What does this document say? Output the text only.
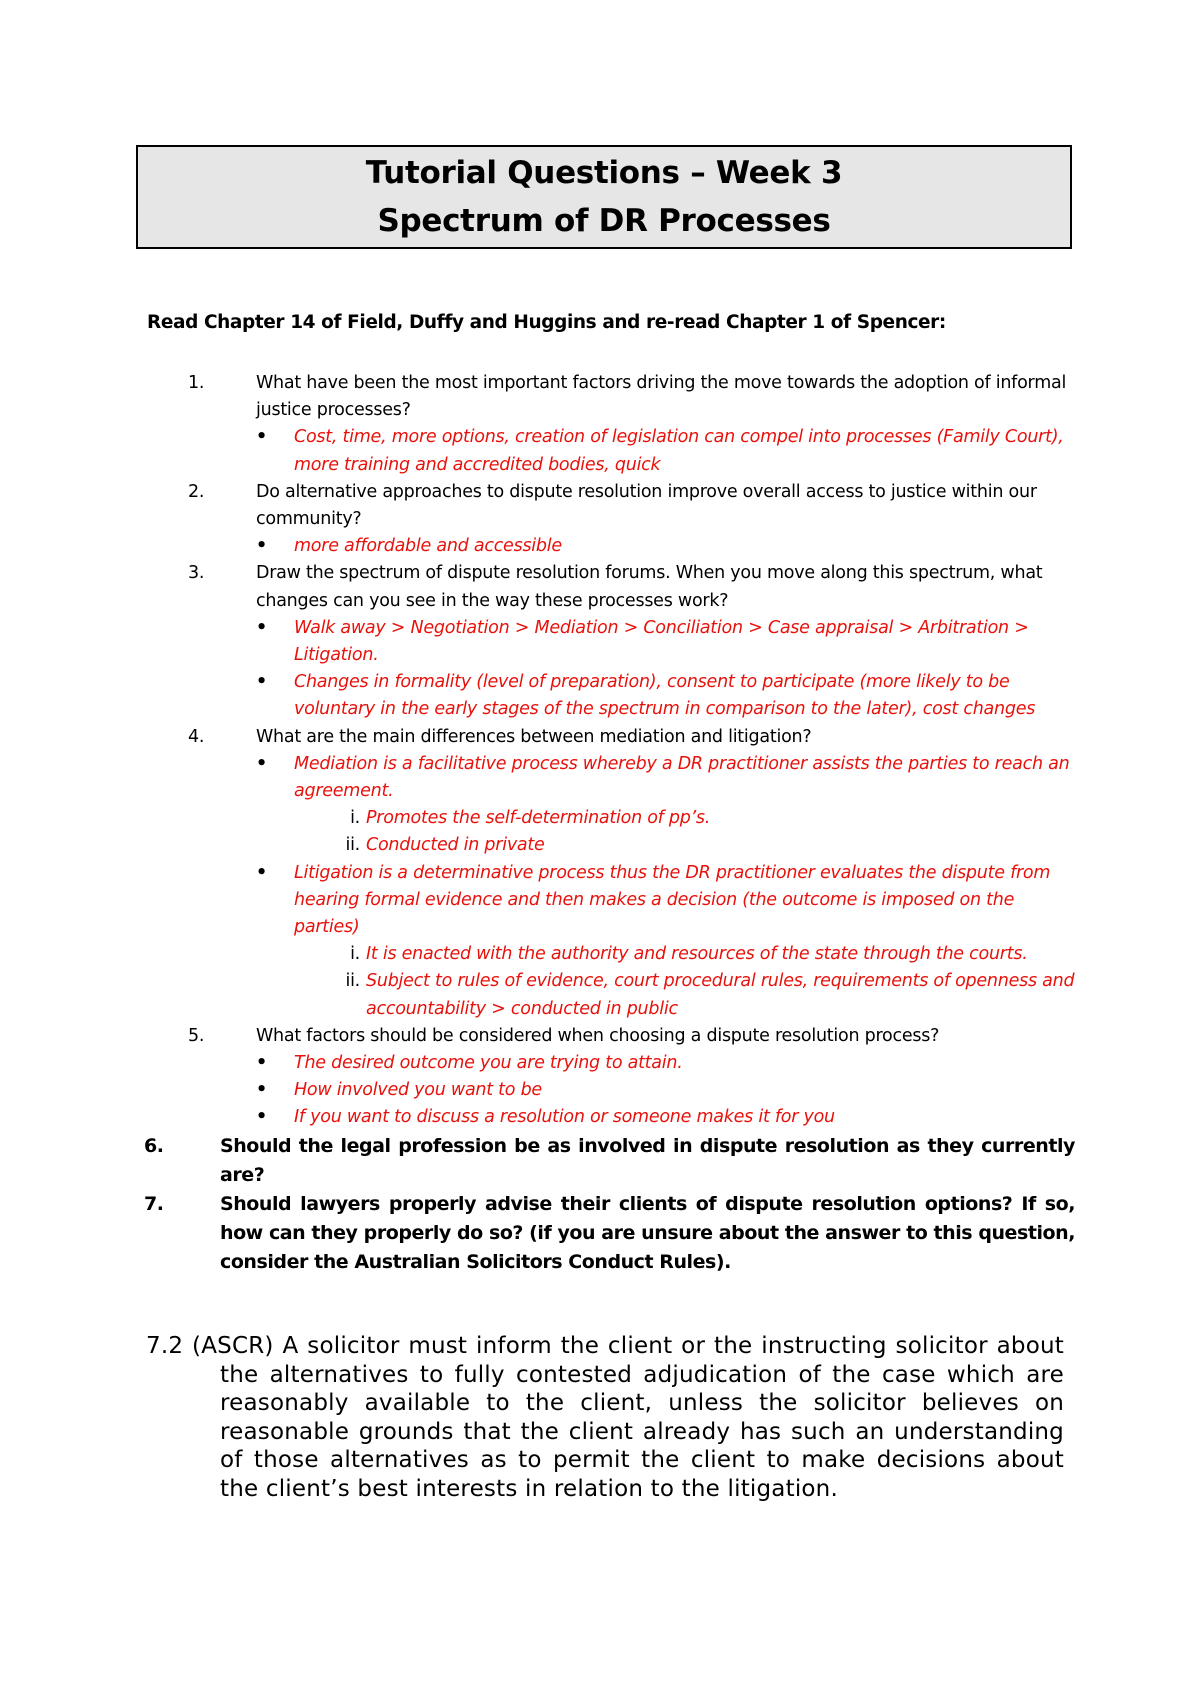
Tutorial Questions – Week 3
Spectrum of DR Processes
Read Chapter 14 of Field, Duffy and Huggins and re-read Chapter 1 of Spencer:
1.	What have been the most important factors driving the move towards the adoption of informal justice processes?
• Cost, time, more options, creation of legislation can compel into processes (Family Court), more training and accredited bodies, quick
2.	Do alternative approaches to dispute resolution improve overall access to justice within our community?
• more affordable and accessible
3.	Draw the spectrum of dispute resolution forums. When you move along this spectrum, what changes can you see in the way these processes work?
• Walk away > Negotiation > Mediation > Conciliation > Case appraisal > Arbitration > Litigation.
• Changes in formality (level of preparation), consent to participate (more likely to be voluntary in the early stages of the spectrum in comparison to the later), cost changes
4.	What are the main differences between mediation and litigation?
• Mediation is a facilitative process whereby a DR practitioner assists the parties to reach an agreement.
i. Promotes the self-determination of pp’s.
ii. Conducted in private
• Litigation is a determinative process thus the DR practitioner evaluates the dispute from hearing formal evidence and then makes a decision (the outcome is imposed on the parties)
i. It is enacted with the authority and resources of the state through the courts.
ii. Subject to rules of evidence, court procedural rules, requirements of openness and accountability > conducted in public
5.	What factors should be considered when choosing a dispute resolution process?
• The desired outcome you are trying to attain.
• How involved you want to be
• If you want to discuss a resolution or someone makes it for you
6.	Should the legal profession be as involved in dispute resolution as they currently are?
7.	Should lawyers properly advise their clients of dispute resolution options? If so, how can they properly do so? (if you are unsure about the answer to this question, consider the Australian Solicitors Conduct Rules).
7.2 (ASCR) A solicitor must inform the client or the instructing solicitor about the alternatives to fully contested adjudication of the case which are reasonably available to the client, unless the solicitor believes on reasonable grounds that the client already has such an understanding of those alternatives as to permit the client to make decisions about the client’s best interests in relation to the litigation.
